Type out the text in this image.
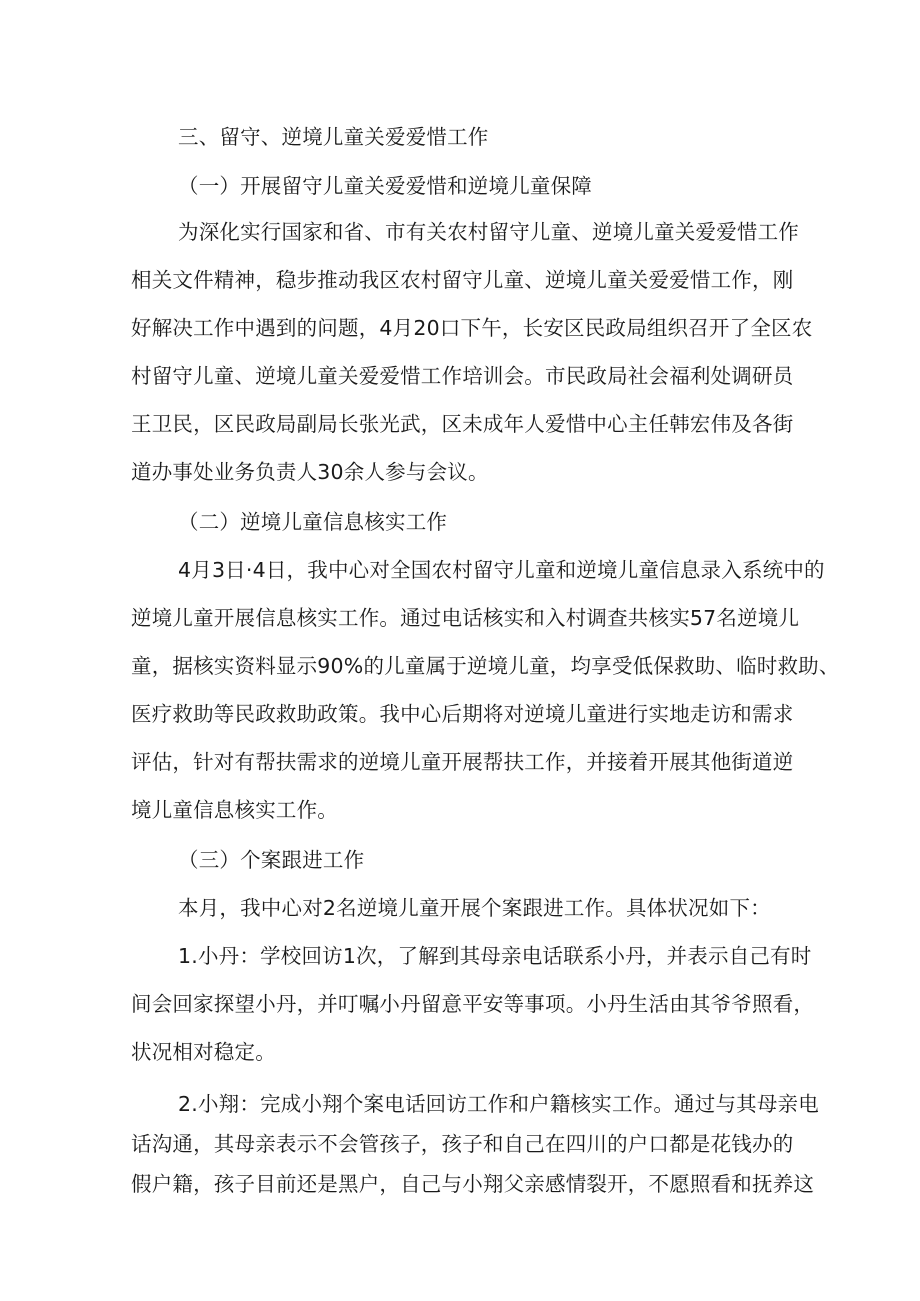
三、留守、逆境儿童关爱爱惜工作
（一）开展留守儿童关爱爱惜和逆境儿童保障
为深化实行国家和省、市有关农村留守儿童、逆境儿童关爱爱惜工作
相关文件精神，稳步推动我区农村留守儿童、逆境儿童关爱爱惜工作，刚
好解决工作中遇到的问题，4月20口下午，长安区民政局组织召开了全区农
村留守儿童、逆境儿童关爱爱惜工作培训会。市民政局社会福利处调研员
王卫民，区民政局副局长张光武，区未成年人爱惜中心主任韩宏伟及各街
道办事处业务负责人30余人参与会议。
（二）逆境儿童信息核实工作
4月3日·4日，我中心对全国农村留守儿童和逆境儿童信息录入系统中的
逆境儿童开展信息核实工作。通过电话核实和入村调查共核实57名逆境儿
童，据核实资料显示90%的儿童属于逆境儿童，均享受低保救助、临时救助、
医疗救助等民政救助政策。我中心后期将对逆境儿童进行实地走访和需求
评估，针对有帮扶需求的逆境儿童开展帮扶工作，并接着开展其他街道逆
境儿童信息核实工作。
（三）个案跟进工作
本月，我中心对2名逆境儿童开展个案跟进工作。具体状况如下：
1.小丹：学校回访1次，了解到其母亲电话联系小丹，并表示自己有时
间会回家探望小丹，并叮嘱小丹留意平安等事项。小丹生活由其爷爷照看，
状况相对稳定。
2.小翔：完成小翔个案电话回访工作和户籍核实工作。通过与其母亲电
话沟通，其母亲表示不会管孩子，孩子和自己在四川的户口都是花钱办的
假户籍，孩子目前还是黑户，自己与小翔父亲感情裂开，不愿照看和抚养这
